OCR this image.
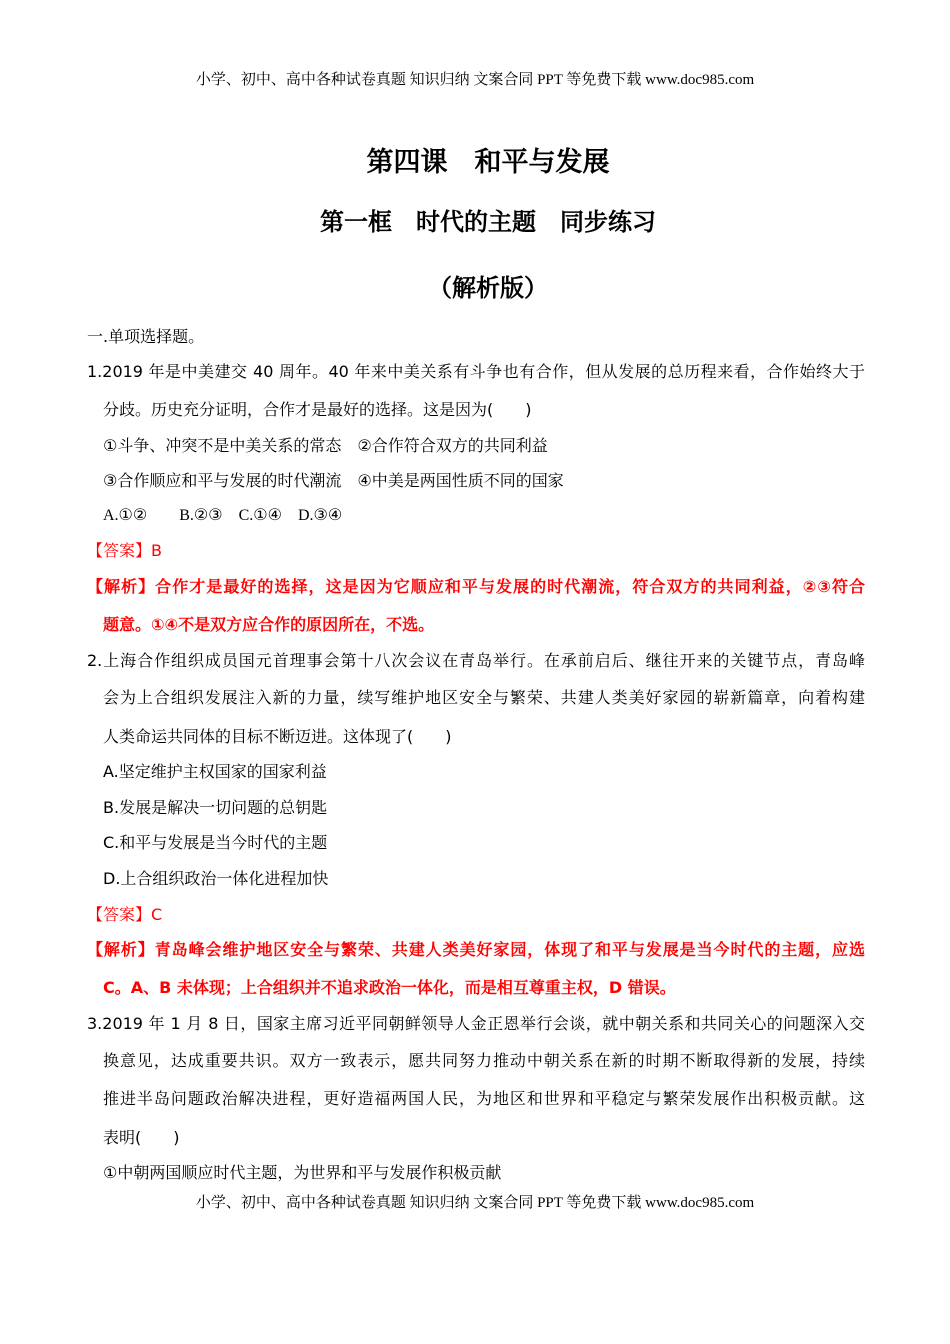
小学、初中、高中各种试卷真题 知识归纳 文案合同 PPT 等免费下载 www.doc985.com
第四课　和平与发展
第一框　时代的主题　同步练习
（解析版）
一.单项选择题。
1.2019 年是中美建交 40 周年。40 年来中美关系有斗争也有合作，但从发展的总历程来看，合作始终大于
分歧。历史充分证明，合作才是最好的选择。这是因为(　　)
①斗争、冲突不是中美关系的常态　②合作符合双方的共同利益
③合作顺应和平与发展的时代潮流　④中美是两国性质不同的国家
A.①②　　B.②③　C.①④　D.③④
【答案】B
【解析】合作才是最好的选择，这是因为它顺应和平与发展的时代潮流，符合双方的共同利益，②③符合
题意。①④不是双方应合作的原因所在，不选。
2.上海合作组织成员国元首理事会第十八次会议在青岛举行。在承前启后、继往开来的关键节点，青岛峰
会为上合组织发展注入新的力量，续写维护地区安全与繁荣、共建人类美好家园的崭新篇章，向着构建
人类命运共同体的目标不断迈进。这体现了(　　)
A.坚定维护主权国家的国家利益
B.发展是解决一切问题的总钥匙
C.和平与发展是当今时代的主题
D.上合组织政治一体化进程加快
【答案】C
【解析】青岛峰会维护地区安全与繁荣、共建人类美好家园，体现了和平与发展是当今时代的主题，应选
C。A、B 未体现；上合组织并不追求政治一体化，而是相互尊重主权，D 错误。
3.2019 年 1 月 8 日，国家主席习近平同朝鲜领导人金正恩举行会谈，就中朝关系和共同关心的问题深入交
换意见，达成重要共识。双方一致表示，愿共同努力推动中朝关系在新的时期不断取得新的发展，持续
推进半岛问题政治解决进程，更好造福两国人民，为地区和世界和平稳定与繁荣发展作出积极贡献。这
表明(　　)
①中朝两国顺应时代主题，为世界和平与发展作积极贡献
小学、初中、高中各种试卷真题 知识归纳 文案合同 PPT 等免费下载 www.doc985.com
